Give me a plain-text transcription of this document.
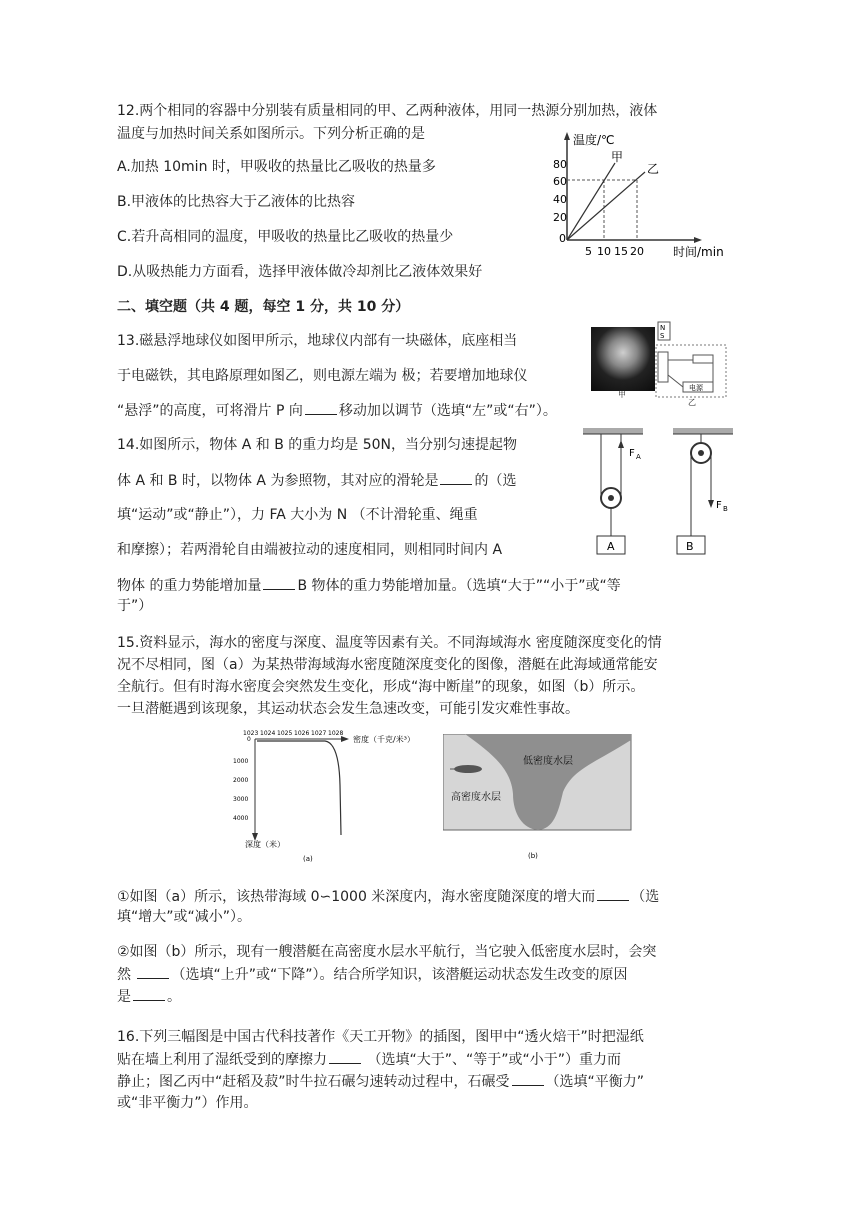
12.两个相同的容器中分别装有质量相同的甲、乙两种液体，用同一热源分别加热，液体
温度与加热时间关系如图所示。下列分析正确的是
A.加热 10min 时，甲吸收的热量比乙吸收的热量多
B.甲液体的比热容大于乙液体的比热容
C.若升高相同的温度，甲吸收的热量比乙吸收的热量少
D.从吸热能力方面看，选择甲液体做冷却剂比乙液体效果好
温度/℃
时间/min
80
60
40
20
0
5 10 15 20
甲
乙
二、填空题（共 4 题，每空 1 分，共 10 分）
13.磁悬浮地球仪如图甲所示，地球仪内部有一块磁体，底座相当
于电磁铁，其电路原理如图乙，则电源左端为 极；若要增加地球仪
“悬浮”的高度，可将滑片 P 向	移动加以调节（选填“左”或“右”）。
N
S
电源
甲
乙
14.如图所示，物体 A 和 B 的重力均是 50N，当分别匀速提起物
体 A 和 B 时，以物体 A 为参照物，其对应的滑轮是	的（选
填“运动”或“静止”），力 FA 大小为 N （不计滑轮重、绳重
和摩擦）；若两滑轮自由端被拉动的速度相同，则相同时间内 A
物体 的重力势能增加量	B 物体的重力势能增加量。（选填“大于”“小于”或“等
于”）
A
F A
B
F B
15.资料显示，海水的密度与深度、温度等因素有关。不同海域海水 密度随深度变化的情
况不尽相同，图（a）为某热带海域海水密度随深度变化的图像，潜艇在此海域通常能安
全航行。但有时海水密度会突然发生变化，形成“海中断崖”的现象，如图（b）所示。
一旦潜艇遇到该现象，其运动状态会发生急速改变，可能引发灾难性事故。
1023 1024 1025 1026 1027 1028
密度（千克/米³）
0
1000
2000
3000
4000
深度（米）
(a)
低密度水层
高密度水层
(b)
①如图（a）所示，该热带海域 0∽1000 米深度内，海水密度随深度的增大而	（选
填“增大”或“减小”）。
②如图（b）所示，现有一艘潜艇在高密度水层水平航行，当它驶入低密度水层时，会突
然	（选填“上升”或“下降”）。结合所学知识，该潜艇运动状态发生改变的原因
是	。
16.下列三幅图是中国古代科技著作《天工开物》的插图，图甲中“透火焙干”时把湿纸
贴在墙上利用了湿纸受到的摩擦力	（选填“大于”、“等于”或“小于”）重力而
静止；图乙丙中“赶稻及菽”时牛拉石碾匀速转动过程中，石碾受	（选填“平衡力”
或“非平衡力”）作用。
